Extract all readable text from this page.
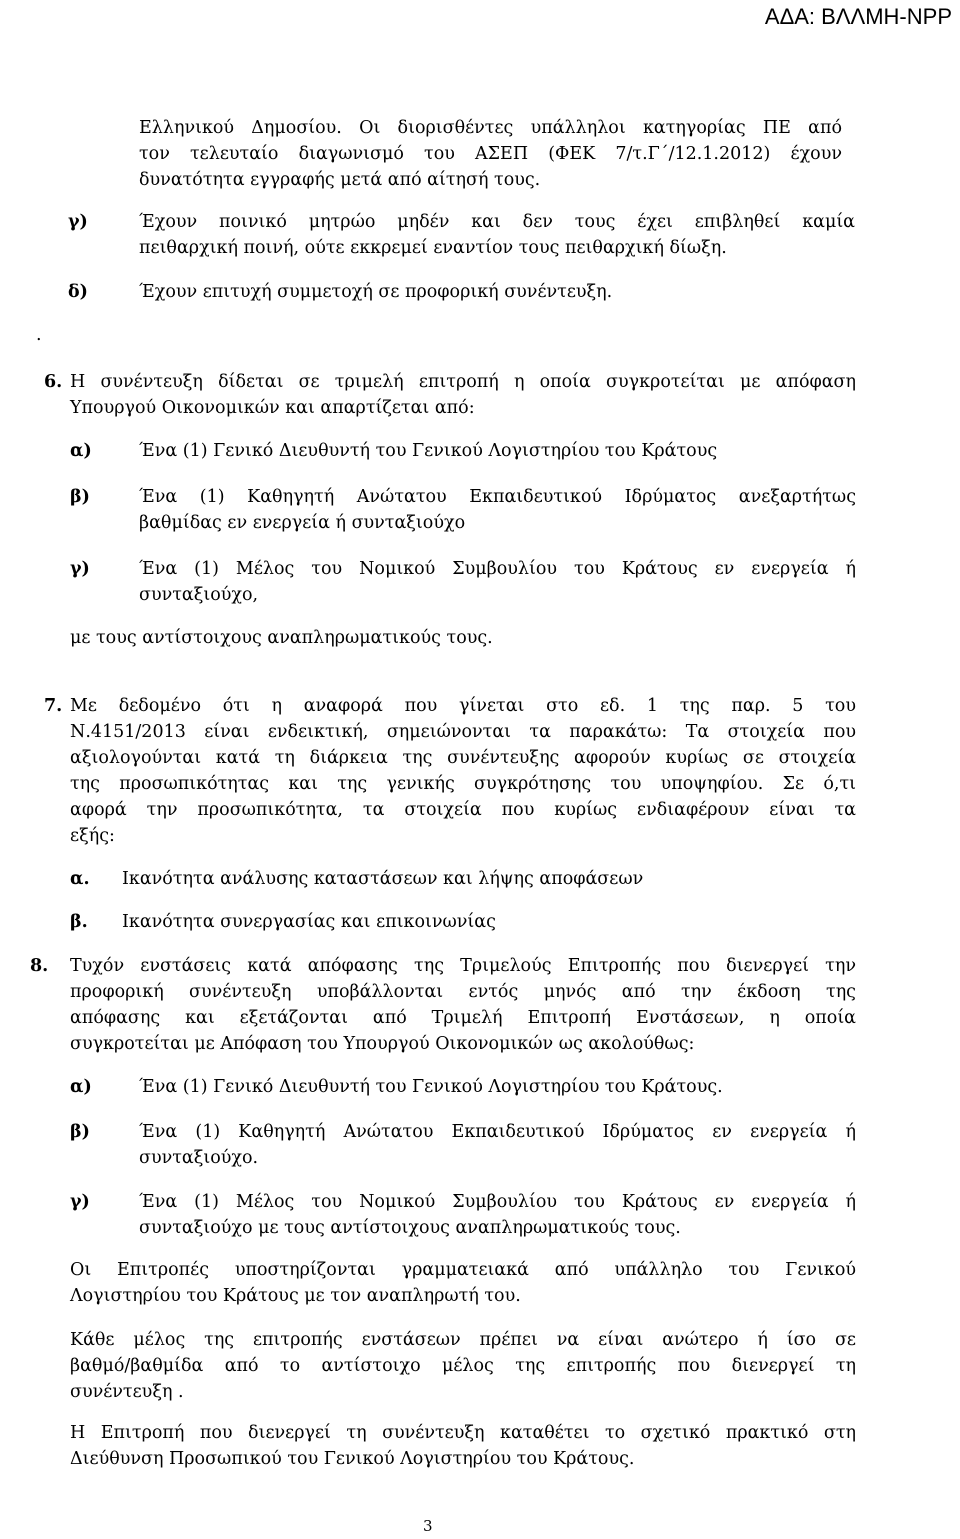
ΑΔΑ: ΒΛΛΜΗ-ΝΡΡ
Ελληνικού Δημοσίου. Οι διορισθέντες υπάλληλοι κατηγορίας ΠΕ από
τον τελευταίο διαγωνισμό του ΑΣΕΠ (ΦΕΚ 7/τ.Γ΄/12.1.2012) έχουν
δυνατότητα εγγραφής μετά από αίτησή τους.
γ)	Έχουν ποινικό μητρώο μηδέν και δεν τους έχει επιβληθεί καμία
πειθαρχική ποινή, ούτε εκκρεμεί εναντίον τους πειθαρχική δίωξη.
δ)	Έχουν επιτυχή συμμετοχή σε προφορική συνέντευξη.
.
6. Η συνέντευξη δίδεται σε τριμελή επιτροπή η οποία συγκροτείται με απόφαση
Υπουργού Οικονομικών και απαρτίζεται από:
α)	Ένα (1) Γενικό Διευθυντή του Γενικού Λογιστηρίου του Κράτους
β)	Ένα (1) Καθηγητή Ανώτατου Εκπαιδευτικού Ιδρύματος ανεξαρτήτως
βαθμίδας εν ενεργεία ή συνταξιούχο
γ)	Ένα (1) Μέλος του Νομικού Συμβουλίου του Κράτους εν ενεργεία ή
συνταξιούχο,
με τους αντίστοιχους αναπληρωματικούς τους.
7. Με δεδομένο ότι η αναφορά που γίνεται στο εδ. 1 της παρ. 5 του
Ν.4151/2013 είναι ενδεικτική, σημειώνονται τα παρακάτω: Τα στοιχεία που
αξιολογούνται κατά τη διάρκεια της συνέντευξης αφορούν κυρίως σε στοιχεία
της προσωπικότητας και της γενικής συγκρότησης του υποψηφίου. Σε ό,τι
αφορά την προσωπικότητα, τα στοιχεία που κυρίως ενδιαφέρουν είναι τα
εξής:
α. Ικανότητα ανάλυσης καταστάσεων και λήψης αποφάσεων
β. Ικανότητα συνεργασίας και επικοινωνίας
8. Τυχόν ενστάσεις κατά απόφασης της Τριμελούς Επιτροπής που διενεργεί την
προφορική συνέντευξη υποβάλλονται εντός μηνός από την έκδοση της
απόφασης και εξετάζονται από Τριμελή Επιτροπή Ενστάσεων, η οποία
συγκροτείται με Απόφαση του Υπουργού Οικονομικών ως ακολούθως:
α)	Ένα (1) Γενικό Διευθυντή του Γενικού Λογιστηρίου του Κράτους.
β)	Ένα (1) Καθηγητή Ανώτατου Εκπαιδευτικού Ιδρύματος εν ενεργεία ή
συνταξιούχο.
γ)	Ένα (1) Μέλος του Νομικού Συμβουλίου του Κράτους εν ενεργεία ή
συνταξιούχο με τους αντίστοιχους αναπληρωματικούς τους.
Οι Επιτροπές υποστηρίζονται γραμματειακά από υπάλληλο του Γενικού
Λογιστηρίου του Κράτους με τον αναπληρωτή του.
Κάθε μέλος της επιτροπής ενστάσεων πρέπει να είναι ανώτερο ή ίσο σε
βαθμό/βαθμίδα από το αντίστοιχο μέλος της επιτροπής που διενεργεί τη
συνέντευξη .
Η Επιτροπή που διενεργεί τη συνέντευξη καταθέτει το σχετικό πρακτικό στη
Διεύθυνση Προσωπικού του Γενικού Λογιστηρίου του Κράτους.
3
